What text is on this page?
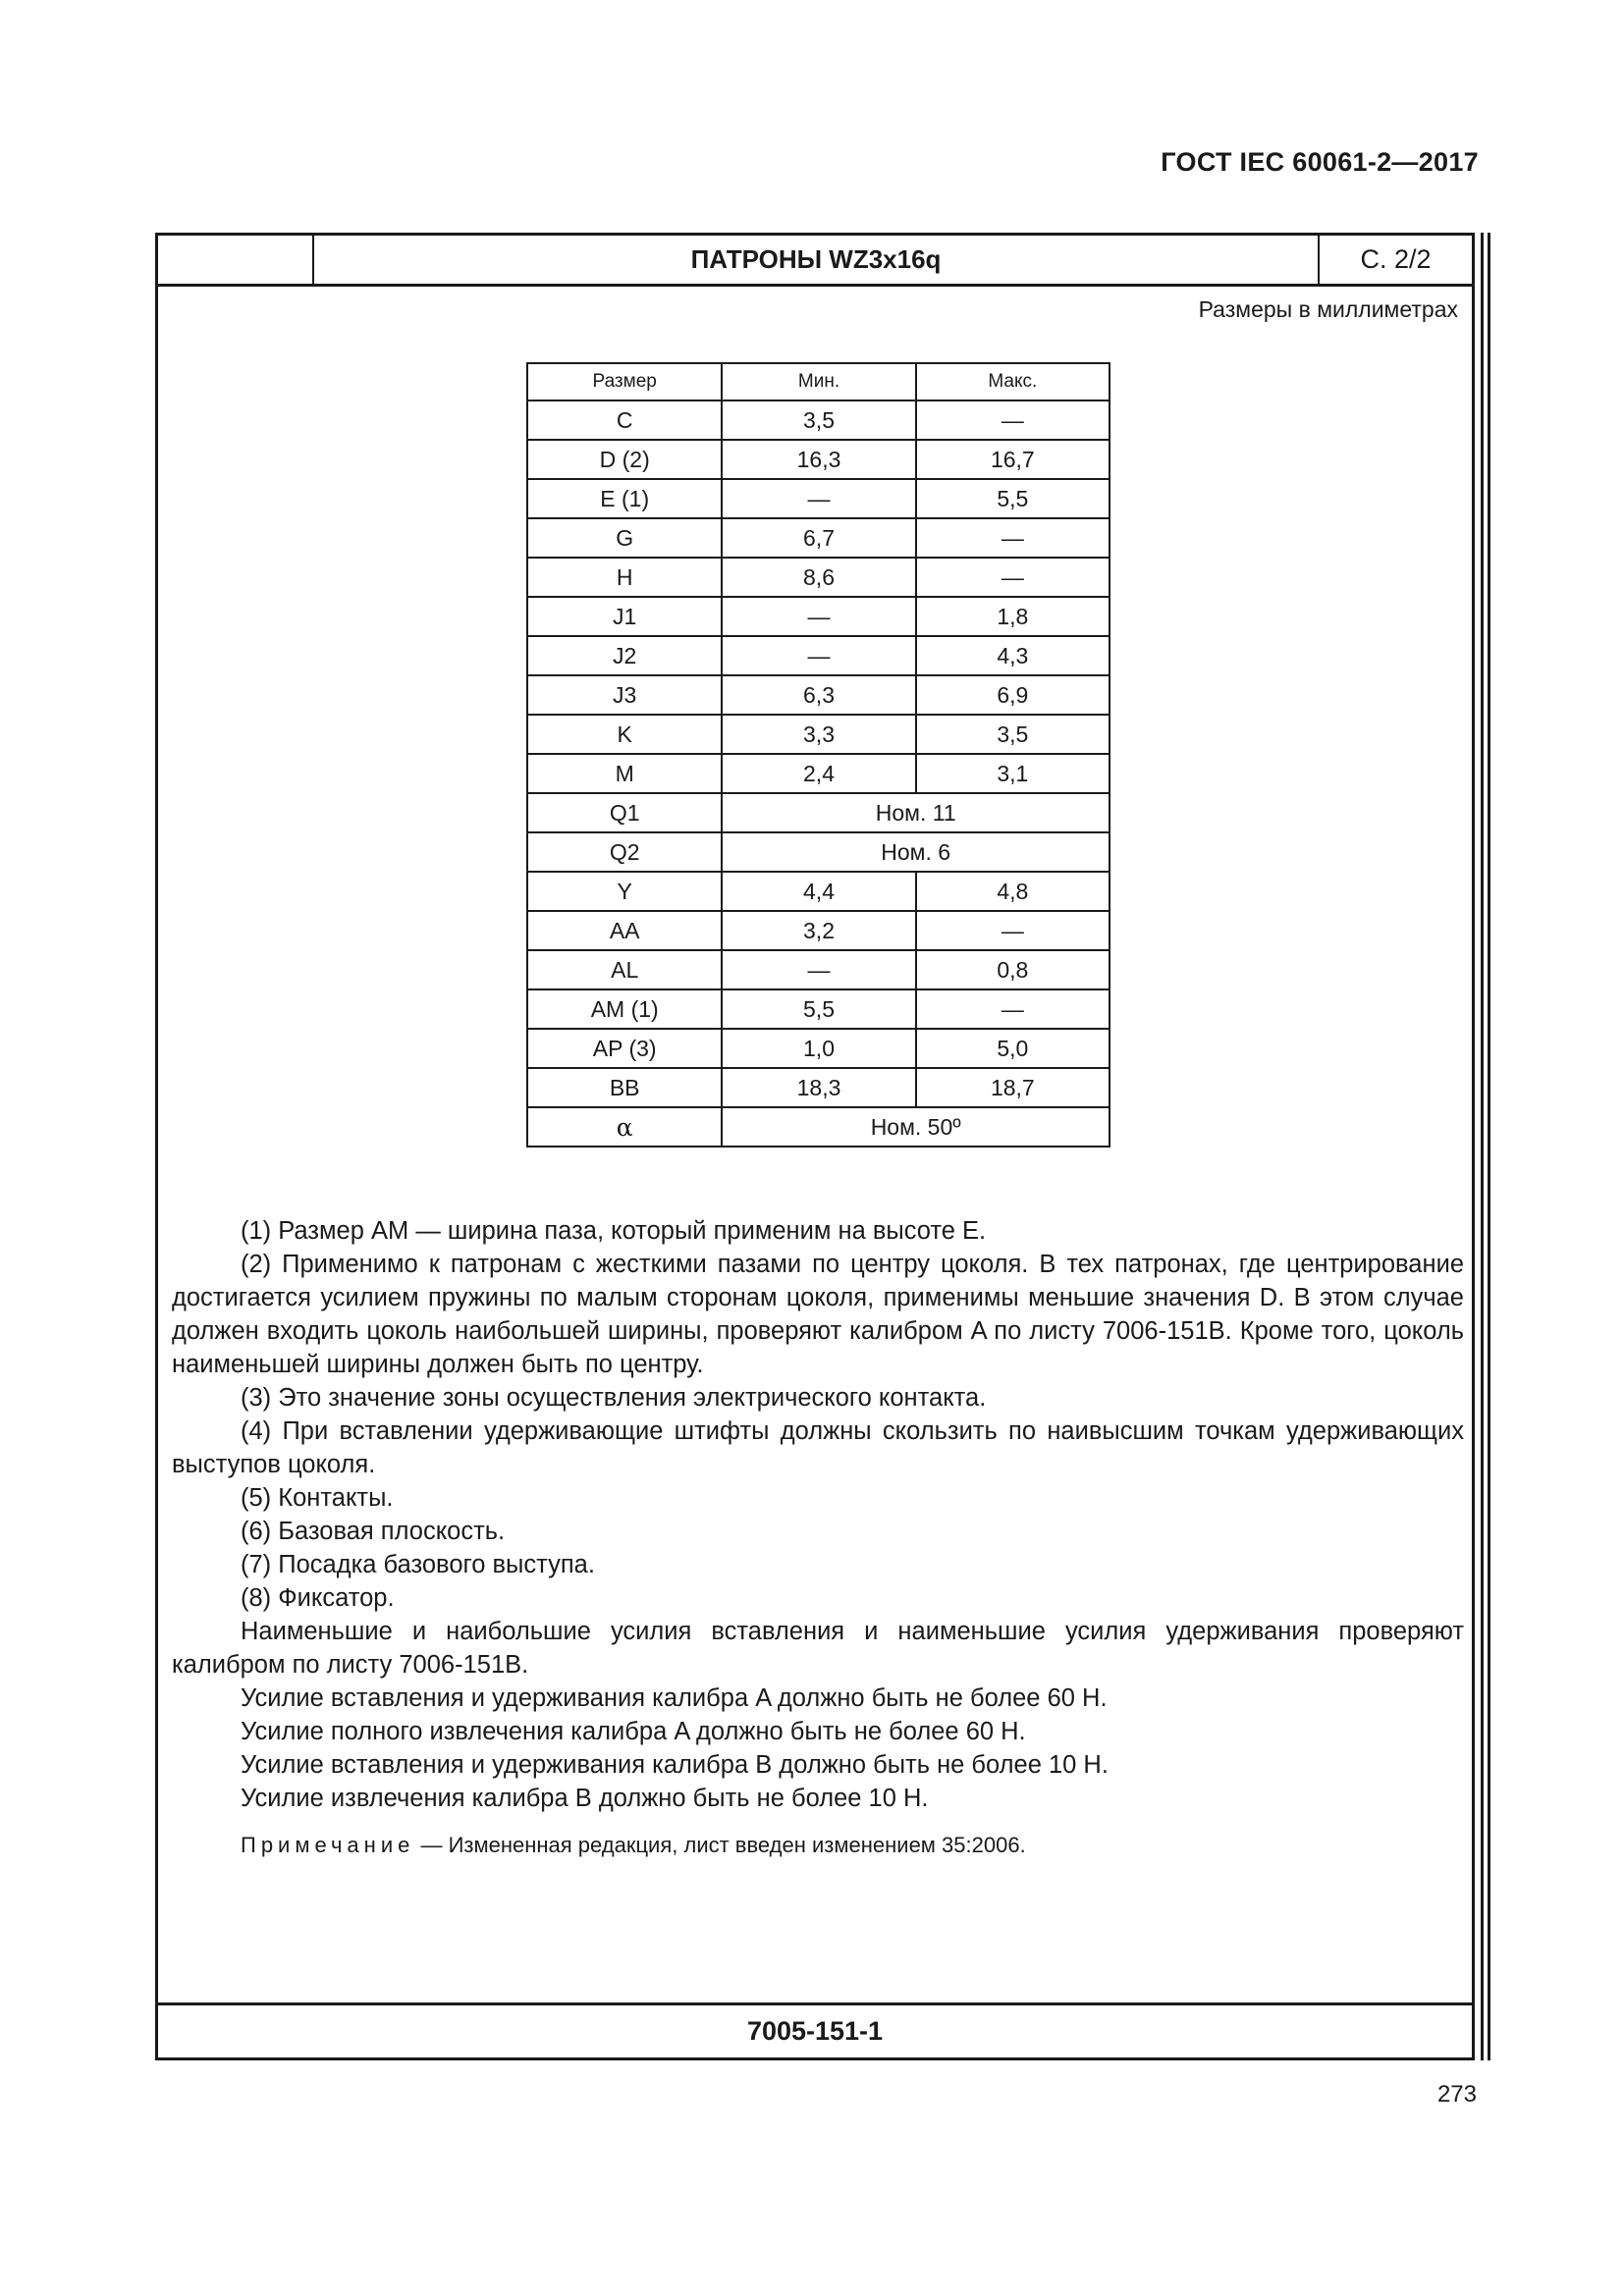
ГОСТ IEC 60061-2—2017
ПАТРОНЫ WZ3x16q	С. 2/2
Размеры в миллиметрах
Размер	Мин.	Макс.
C	3,5	—
D (2)	16,3	16,7
E (1)	—	5,5
G	6,7	—
H	8,6	—
J1	—	1,8
J2	—	4,3
J3	6,3	6,9
K	3,3	3,5
M	2,4	3,1
Q1	Ном. 11	
Q2	Ном. 6	
Y	4,4	4,8
AA	3,2	—
AL	—	0,8
AM (1)	5,5	—
AP (3)	1,0	5,0
BB	18,3	18,7
α	Ном. 50º	

(1) Размер AM — ширина паза, который применим на высоте E.

(2) Применимо к патронам с жесткими пазами по центру цоколя. В тех патронах, где центрирование достигается усилием пружины по малым сторонам цоколя, применимы меньшие значения D. В этом случае должен входить цоколь наибольшей ширины, проверяют калибром A по листу 7006-151B. Кроме того, цоколь наименьшей ширины должен быть по центру.

(3) Это значение зоны осуществления электрического контакта.

(4) При вставлении удерживающие штифты должны скользить по наивысшим точкам удерживающих выступов цоколя.

(5) Контакты.

(6) Базовая плоскость.

(7) Посадка базового выступа.

(8) Фиксатор.

Наименьшие и наибольшие усилия вставления и наименьшие усилия удерживания проверяют калибром по листу 7006-151B.

Усилие вставления и удерживания калибра A должно быть не более 60 Н.

Усилие полного извлечения калибра A должно быть не более 60 Н.

Усилие вставления и удерживания калибра B должно быть не более 10 Н.

Усилие извлечения калибра B должно быть не более 10 Н.

Примечание — Измененная редакция, лист введен изменением 35:2006.

7005-151-1
273
